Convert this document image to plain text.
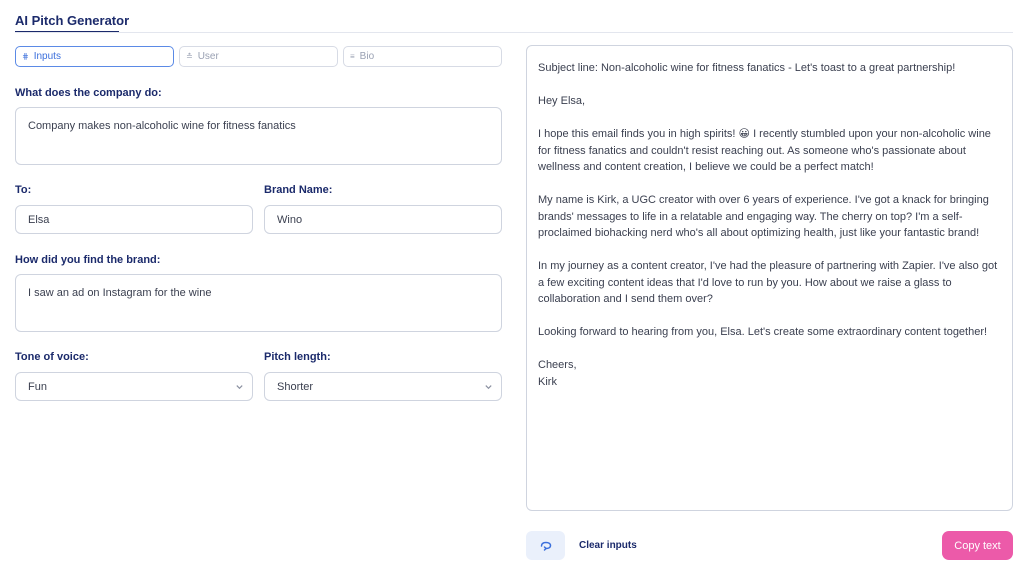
AI Pitch Generator
⋕ Inputs	≛ User	≡ Bio
What does the company do:
Company makes non-alcoholic wine for fitness fanatics
To:
Elsa	Brand Name:
Wino
How did you find the brand:
I saw an ad on Instagram for the wine
Tone of voice:
Fun
Pitch length:
Shorter

Subject line: Non-alcoholic wine for fitness fanatics - Let's toast to a great partnership!

Hey Elsa,

I hope this email finds you in high spirits! 😀 I recently stumbled upon your non-alcoholic wine for fitness fanatics and couldn't resist reaching out. As someone who's passionate about wellness and content creation, I believe we could be a perfect match!

My name is Kirk, a UGC creator with over 6 years of experience. I've got a knack for bringing brands' messages to life in a relatable and engaging way. The cherry on top? I'm a self-proclaimed biohacking nerd who's all about optimizing health, just like your fantastic brand!

In my journey as a content creator, I've had the pleasure of partnering with Zapier. I've also got a few exciting content ideas that I'd love to run by you. How about we raise a glass to collaboration and I send them over?

Looking forward to hearing from you, Elsa. Let's create some extraordinary content together!

Cheers,
Kirk
Clear inputs	Copy text
